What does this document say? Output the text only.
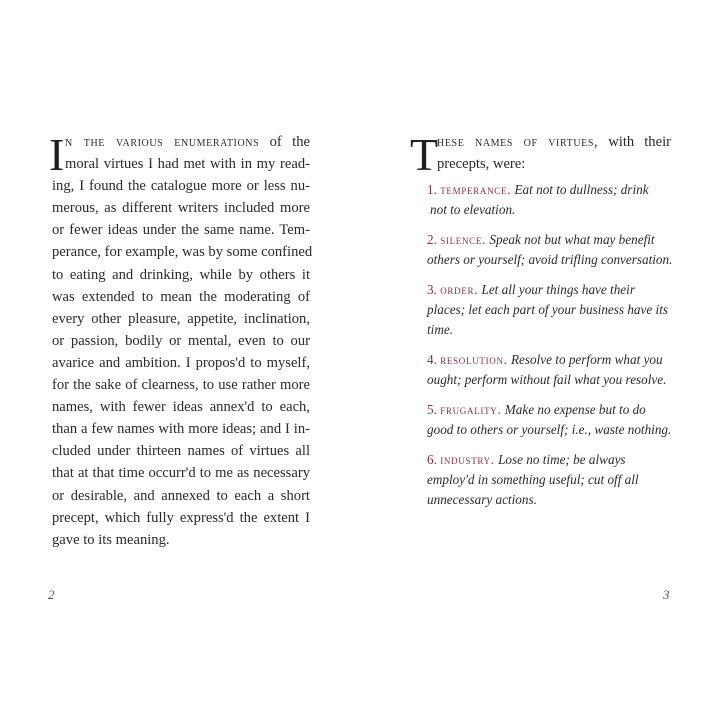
I n the various enumerations of the
moral virtues I had met with in my read-
ing, I found the catalogue more or less nu-
merous, as different writers included more
or fewer ideas under the same name. Tem-
perance, for example, was by some confined
to eating and drinking, while by others it
was extended to mean the moderating of
every other pleasure, appetite, inclination,
or passion, bodily or mental, even to our
avarice and ambition. I propos'd to myself,
for the sake of clearness, to use rather more
names, with fewer ideas annex'd to each,
than a few names with more ideas; and I in-
cluded under thirteen names of virtues all
that at that time occurr'd to me as necessary
or desirable, and annexed to each a short
precept, which fully express'd the extent I
gave to its meaning.
2
T
hese names of virtues, with their
precepts, were:
1. temperance. Eat not to dullness; drink
not to elevation.
2. silence. Speak not but what may benefit
others or yourself; avoid trifling conversation.
3. order. Let all your things have their
places; let each part of your business have its
time.
4. resolution. Resolve to perform what you
ought; perform without fail what you resolve.
5. frugality. Make no expense but to do
good to others or yourself; i.e., waste nothing.
6. industry. Lose no time; be always
employ'd in something useful; cut off all
unnecessary actions.
3
